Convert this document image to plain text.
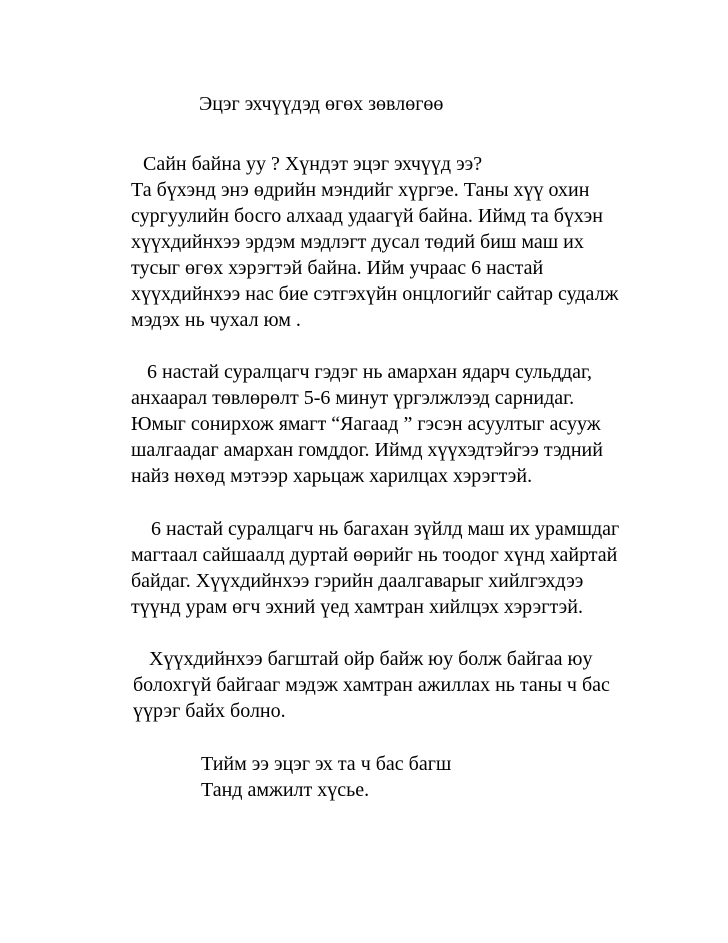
Эцэг эхчүүдэд өгөх зөвлөгөө
Сайн байна уу ? Хүндэт эцэг эхчүүд ээ?
Та бүхэнд энэ өдрийн мэндийг хүргэе. Таны хүү охин
сургуулийн босго алхаад удаагүй байна. Иймд та бүхэн
хүүхдийнхээ эрдэм мэдлэгт дусал төдий биш маш их
тусыг өгөх хэрэгтэй байна. Ийм учраас 6 настай
хүүхдийнхээ нас бие сэтгэхүйн онцлогийг сайтар судалж
мэдэх нь чухал юм .
6 настай суралцагч гэдэг нь амархан ядарч сульддаг,
анхаарал төвлөрөлт 5-6 минут үргэлжлээд сарнидаг.
Юмыг сонирхож ямагт “Яагаад ” гэсэн асуултыг асууж
шалгаадаг амархан гомддог. Иймд хүүхэдтэйгээ тэдний
найз нөхөд мэтээр харьцаж харилцах хэрэгтэй.
6 настай суралцагч нь багахан зүйлд маш их урамшдаг
магтаал сайшаалд дуртай өөрийг нь тоодог хүнд хайртай
байдаг. Хүүхдийнхээ гэрийн даалгаварыг хийлгэхдээ
түүнд урам өгч эхний үед хамтран хийлцэх хэрэгтэй.
Хүүхдийнхээ багштай ойр байж юу болж байгаа юу
болохгүй байгааг мэдэж хамтран ажиллах нь таны ч бас
үүрэг байх болно.
Тийм ээ эцэг эх та ч бас багш
Танд амжилт хүсье.
